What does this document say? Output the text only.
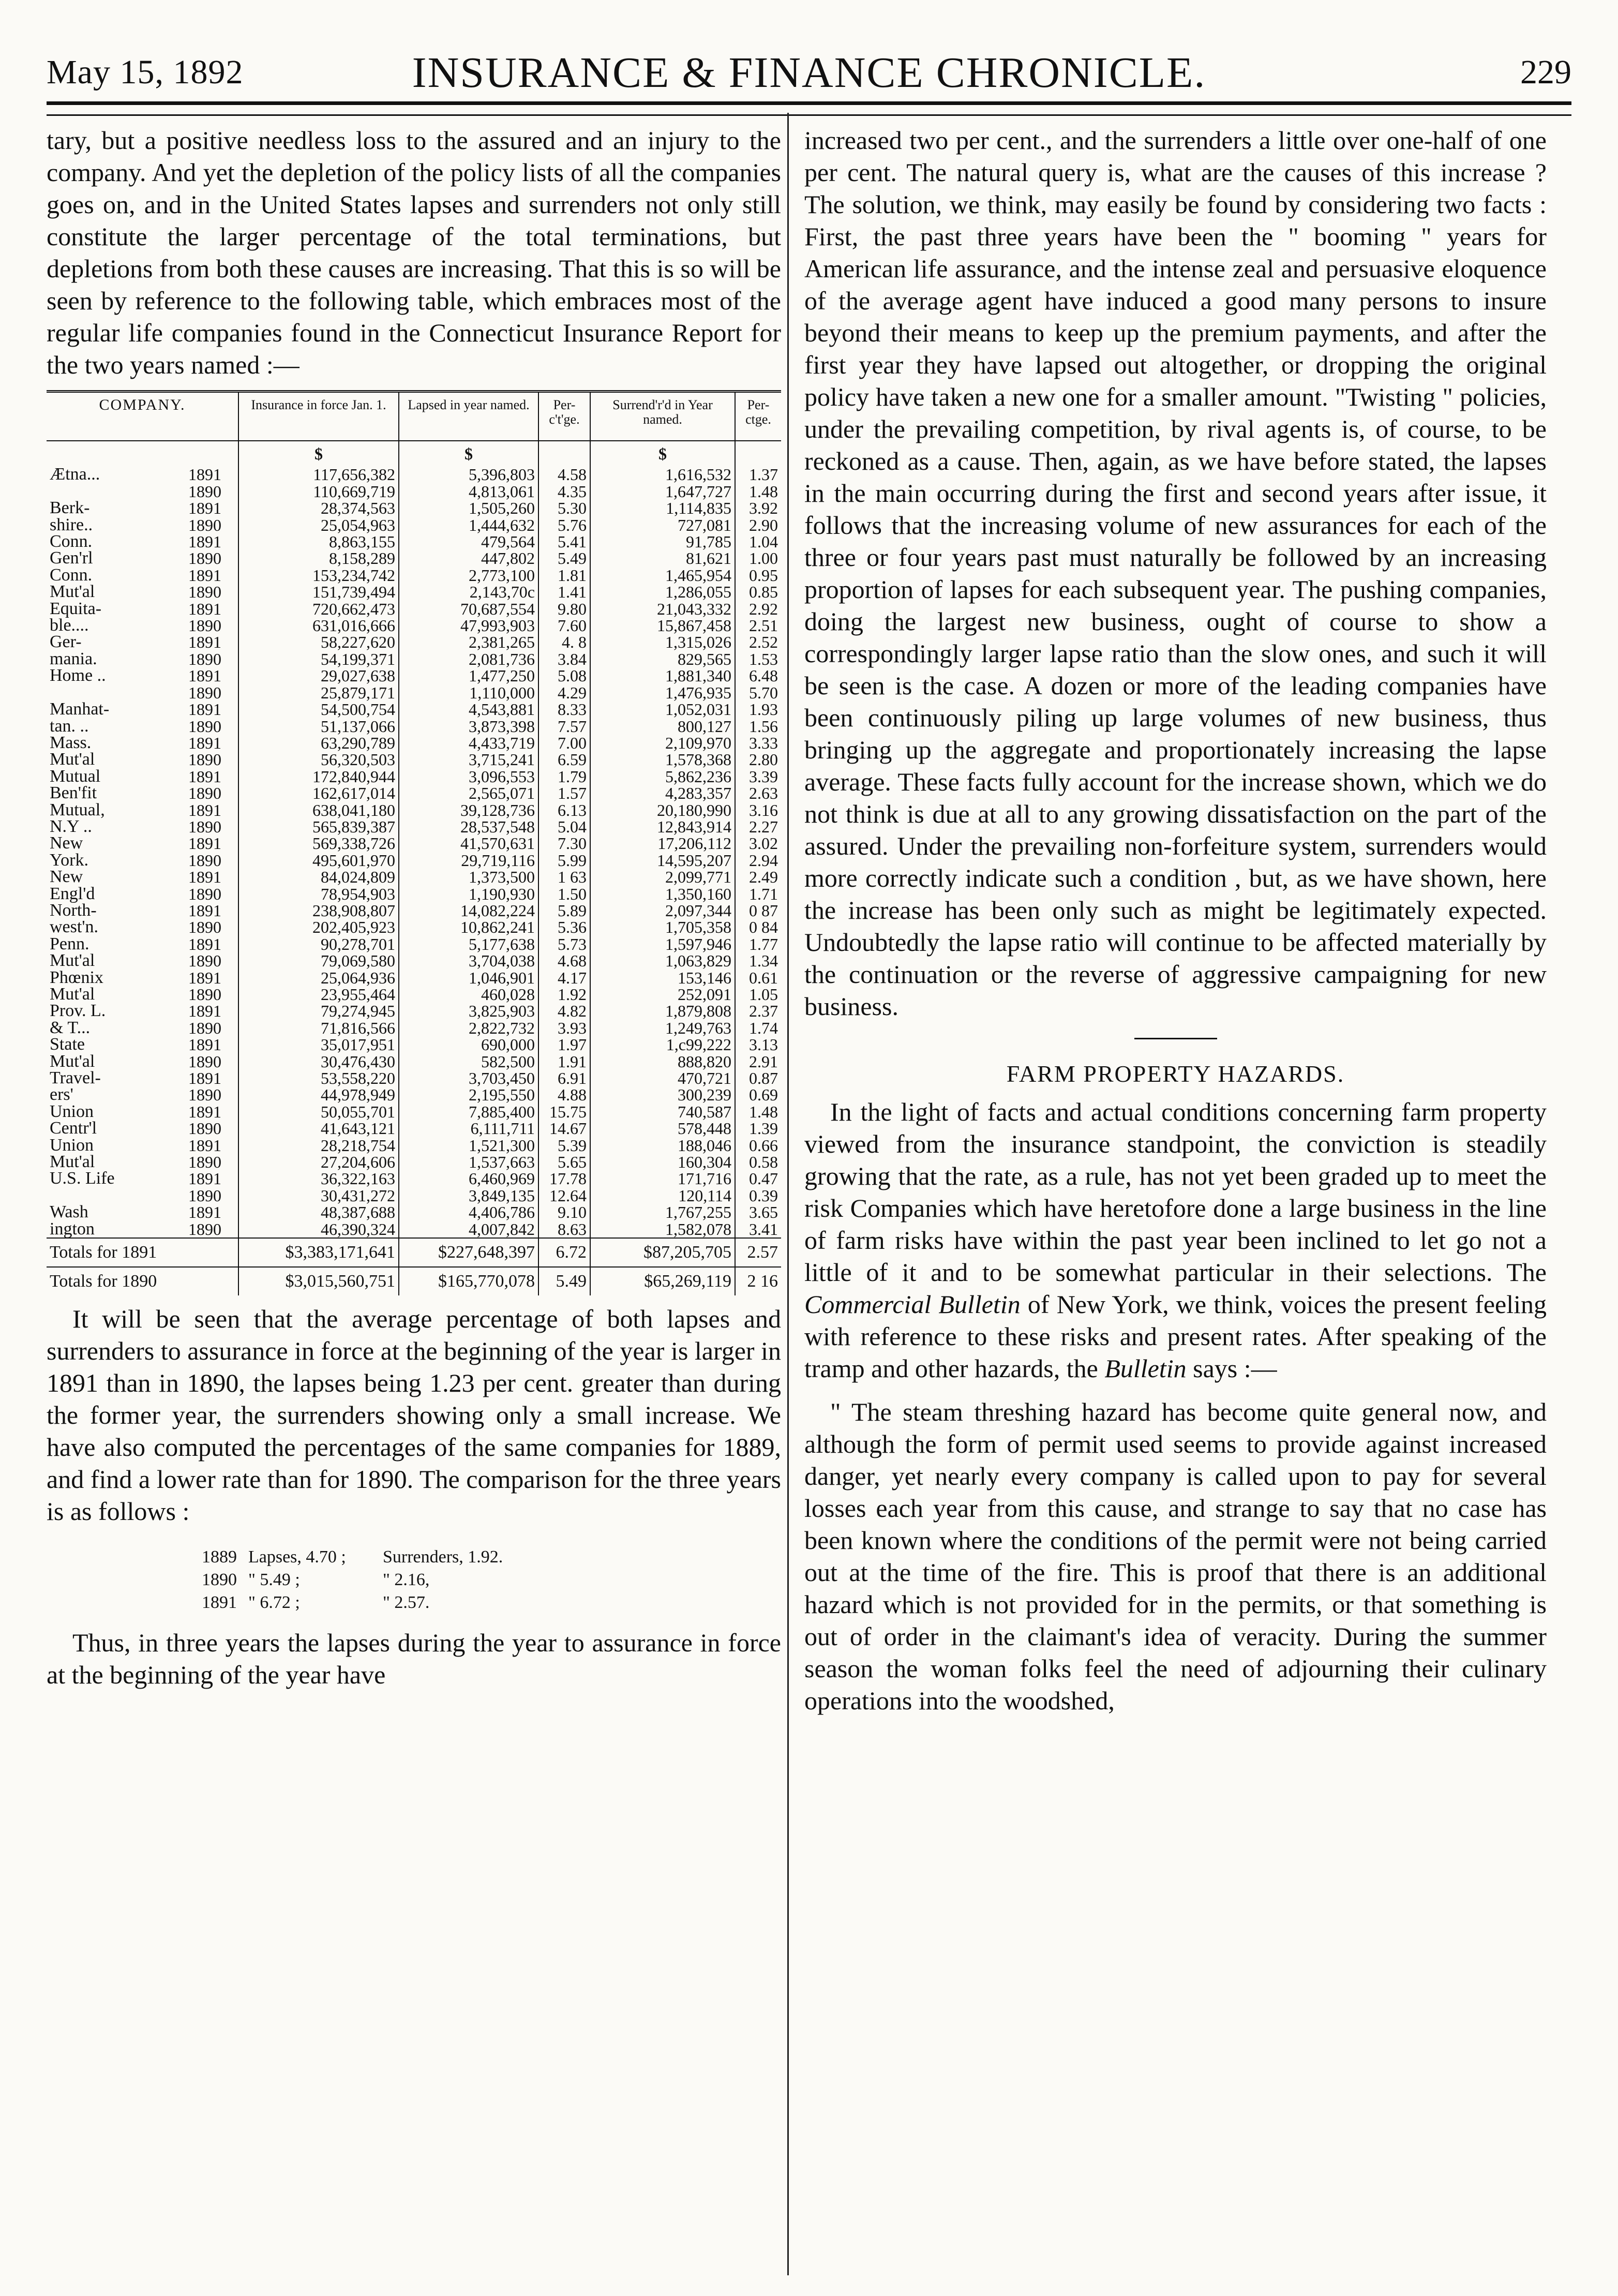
May 15, 1892	INSURANCE & FINANCE CHRONICLE.	229

tary, but a positive needless loss to the assured and an injury to the company. And yet the depletion of the policy lists of all the companies goes on, and in the United States lapses and surrenders not only still constitute the larger percentage of the total terminations, but depletions from both these causes are increasing. That this is so will be seen by reference to the following table, which embraces most of the regular life companies found in the Connecticut Insurance Report for the two years named :—

COMPANY.		Insurance in force Jan. 1.	Lapsed in year named.	Per-c't'ge.	Surrend'r'd in Year named.	Per-ctge.
		$	$		$	
Ætna...	1891	117,656,382	5,396,803	4.58	1,616,532	1.37
	1890	110,669,719	4,813,061	4.35	1,647,727	1.48
Berk-	1891	28,374,563	1,505,260	5.30	1,114,835	3.92
shire..	1890	25,054,963	1,444,632	5.76	727,081	2.90
Conn.	1891	8,863,155	479,564	5.41	91,785	1.04
Gen'rl	1890	8,158,289	447,802	5.49	81,621	1.00
Conn.	1891	153,234,742	2,773,100	1.81	1,465,954	0.95
Mut'al	1890	151,739,494	2,143,70c	1.41	1,286,055	0.85
Equita-	1891	720,662,473	70,687,554	9.80	21,043,332	2.92
ble....	1890	631,016,666	47,993,903	7.60	15,867,458	2.51
Ger-	1891	58,227,620	2,381,265	4. 8	1,315,026	2.52
mania.	1890	54,199,371	2,081,736	3.84	829,565	1.53
Home ..	1891	29,027,638	1,477,250	5.08	1,881,340	6.48
	1890	25,879,171	1,110,000	4.29	1,476,935	5.70
Manhat-	1891	54,500,754	4,543,881	8.33	1,052,031	1.93
tan. ..	1890	51,137,066	3,873,398	7.57	800,127	1.56
Mass.	1891	63,290,789	4,433,719	7.00	2,109,970	3.33
Mut'al	1890	56,320,503	3,715,241	6.59	1,578,368	2.80
Mutual	1891	172,840,944	3,096,553	1.79	5,862,236	3.39
Ben'fit	1890	162,617,014	2,565,071	1.57	4,283,357	2.63
Mutual,	1891	638,041,180	39,128,736	6.13	20,180,990	3.16
N.Y ..	1890	565,839,387	28,537,548	5.04	12,843,914	2.27
New	1891	569,338,726	41,570,631	7.30	17,206,112	3.02
York.	1890	495,601,970	29,719,116	5.99	14,595,207	2.94
New	1891	84,024,809	1,373,500	1 63	2,099,771	2.49
Engl'd	1890	78,954,903	1,190,930	1.50	1,350,160	1.71
North-	1891	238,908,807	14,082,224	5.89	2,097,344	0 87
west'n.	1890	202,405,923	10,862,241	5.36	1,705,358	0 84
Penn.	1891	90,278,701	5,177,638	5.73	1,597,946	1.77
Mut'al	1890	79,069,580	3,704,038	4.68	1,063,829	1.34
Phœnix	1891	25,064,936	1,046,901	4.17	153,146	0.61
Mut'al	1890	23,955,464	460,028	1.92	252,091	1.05
Prov. L.	1891	79,274,945	3,825,903	4.82	1,879,808	2.37
& T...	1890	71,816,566	2,822,732	3.93	1,249,763	1.74
State	1891	35,017,951	690,000	1.97	1,c99,222	3.13
Mut'al	1890	30,476,430	582,500	1.91	888,820	2.91
Travel-	1891	53,558,220	3,703,450	6.91	470,721	0.87
ers'	1890	44,978,949	2,195,550	4.88	300,239	0.69
Union	1891	50,055,701	7,885,400	15.75	740,587	1.48
Centr'l	1890	41,643,121	6,111,711	14.67	578,448	1.39
Union	1891	28,218,754	1,521,300	5.39	188,046	0.66
Mut'al	1890	27,204,606	1,537,663	5.65	160,304	0.58
U.S. Life	1891	36,322,163	6,460,969	17.78	171,716	0.47
	1890	30,431,272	3,849,135	12.64	120,114	0.39
Wash	1891	48,387,688	4,406,786	9.10	1,767,255	3.65
ington	1890	46,390,324	4,007,842	8.63	1,582,078	3.41
Totals for 1891		$3,383,171,641	$227,648,397	6.72	$87,205,705	2.57
Totals for 1890		$3,015,560,751	$165,770,078	5.49	$65,269,119	2 16

It will be seen that the average percentage of both lapses and surrenders to assurance in force at the beginning of the year is larger in 1891 than in 1890, the lapses being 1.23 per cent. greater than during the former year, the surrenders showing only a small increase. We have also computed the percentages of the same companies for 1889, and find a lower rate than for 1890. The comparison for the three years is as follows :

1889 Lapses, 4.70 ; Surrenders, 1.92.
1890 " 5.49 ;	" 2.16,
1891 " 6.72 ;	" 2.57.

Thus, in three years the lapses during the year to assurance in force at the beginning of the year have

increased two per cent., and the surrenders a little over one-half of one per cent. The natural query is, what are the causes of this increase ? The solution, we think, may easily be found by considering two facts : First, the past three years have been the " booming " years for American life assurance, and the intense zeal and persuasive eloquence of the average agent have induced a good many persons to insure beyond their means to keep up the premium payments, and after the first year they have lapsed out altogether, or dropping the original policy have taken a new one for a smaller amount. "Twisting " policies, under the prevailing competition, by rival agents is, of course, to be reckoned as a cause. Then, again, as we have before stated, the lapses in the main occurring during the first and second years after issue, it follows that the increasing volume of new assurances for each of the three or four years past must naturally be followed by an increasing proportion of lapses for each subsequent year. The pushing companies, doing the largest new business, ought of course to show a correspondingly larger lapse ratio than the slow ones, and such it will be seen is the case. A dozen or more of the leading companies have been continuously piling up large volumes of new business, thus bringing up the aggregate and proportionately increasing the lapse average. These facts fully account for the increase shown, which we do not think is due at all to any growing dissatisfaction on the part of the assured. Under the prevailing non-forfeiture system, surrenders would more correctly indicate such a condition , but, as we have shown, here the increase has been only such as might be legitimately expected. Undoubtedly the lapse ratio will continue to be affected materially by the continuation or the reverse of aggressive campaigning for new business.

FARM PROPERTY HAZARDS.

In the light of facts and actual conditions concerning farm property viewed from the insurance standpoint, the conviction is steadily growing that the rate, as a rule, has not yet been graded up to meet the risk Companies which have heretofore done a large business in the line of farm risks have within the past year been inclined to let go not a little of it and to be somewhat particular in their selections. The Commercial Bulletin of New York, we think, voices the present feeling with reference to these risks and present rates. After speaking of the tramp and other hazards, the Bulletin says :—

" The steam threshing hazard has become quite general now, and although the form of permit used seems to provide against increased danger, yet nearly every company is called upon to pay for several losses each year from this cause, and strange to say that no case has been known where the conditions of the permit were not being carried out at the time of the fire. This is proof that there is an additional hazard which is not provided for in the permits, or that something is out of order in the claimant's idea of veracity. During the summer season the woman folks feel the need of adjourning their culinary operations into the woodshed,
